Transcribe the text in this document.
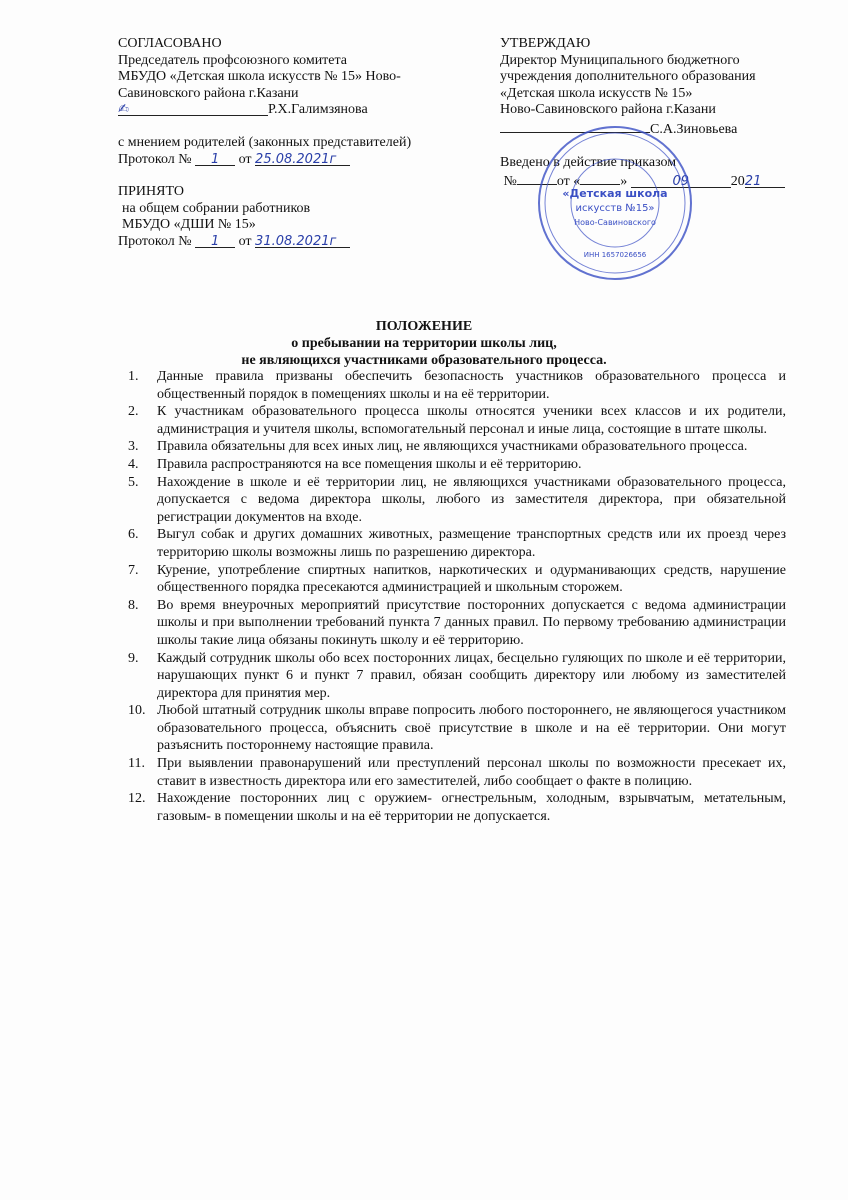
СОГЛАСОВАНО
Председатель профсоюзного комитета
МБУДО «Детская школа искусств № 15» Ново-
Савиновского района г.Казани
✍	Р.Х.Галимзянова
с мнением родителей (законных представителей)
Протокол № 1 от 25.08.2021г
ПРИНЯТО
на общем собрании работников
МБУДО «ДШИ № 15»
Протокол № 1 от 31.08.2021г
УТВЕРЖДАЮ
Директор Муниципального бюджетного
учреждения дополнительного образования
«Детская школа искусств № 15»
Ново-Савиновского района г.Казани
С.А.Зиновьева
Введено в действие приказом
№	от «	»	09	2021
«Детская школа
искусств №15»
Ново-Савиновского
ИНН 1657026656
ПОЛОЖЕНИЕ
о пребывании на территории школы лиц,
не являющихся участниками образовательного процесса.
1.	Данные правила призваны обеспечить безопасность участников образовательного процесса и общественный порядок в помещениях школы и на её территории.
2.	К участникам образовательного процесса школы относятся ученики всех классов и их родители, администрация и учителя школы, вспомогательный персонал и иные лица, состоящие в штате школы.
3.	Правила обязательны для всех иных лиц, не являющихся участниками образовательного процесса.
4.	Правила распространяются на все помещения школы и её территорию.
5.	Нахождение в школе и её территории лиц, не являющихся участниками образовательного процесса, допускается с ведома директора школы, любого из заместителя директора, при обязательной регистрации документов на входе.
6.	Выгул собак и других домашних животных, размещение транспортных средств или их проезд через территорию школы возможны лишь по разрешению директора.
7.	Курение, употребление спиртных напитков, наркотических и одурманивающих средств, нарушение общественного порядка пресекаются администрацией и школьным сторожем.
8.	Во время внеурочных мероприятий присутствие посторонних допускается с ведома администрации школы и при выполнении требований пункта 7 данных правил. По первому требованию администрации школы такие лица обязаны покинуть школу и её территорию.
9.	Каждый сотрудник школы обо всех посторонних лицах, бесцельно гуляющих по школе и её территории, нарушающих пункт 6 и пункт 7 правил, обязан сообщить директору или любому из заместителей директора для принятия мер.
10. Любой штатный сотрудник школы вправе попросить любого постороннего, не являющегося участником образовательного процесса, объяснить своё присутствие в школе и на её территории. Они могут разъяснить постороннему настоящие правила.
11. При выявлении правонарушений или преступлений персонал школы по возможности пресекает их, ставит в известность директора или его заместителей, либо сообщает о факте в полицию.
12. Нахождение посторонних лиц с оружием- огнестрельным, холодным, взрывчатым, метательным, газовым- в помещении школы и на её территории не допускается.
